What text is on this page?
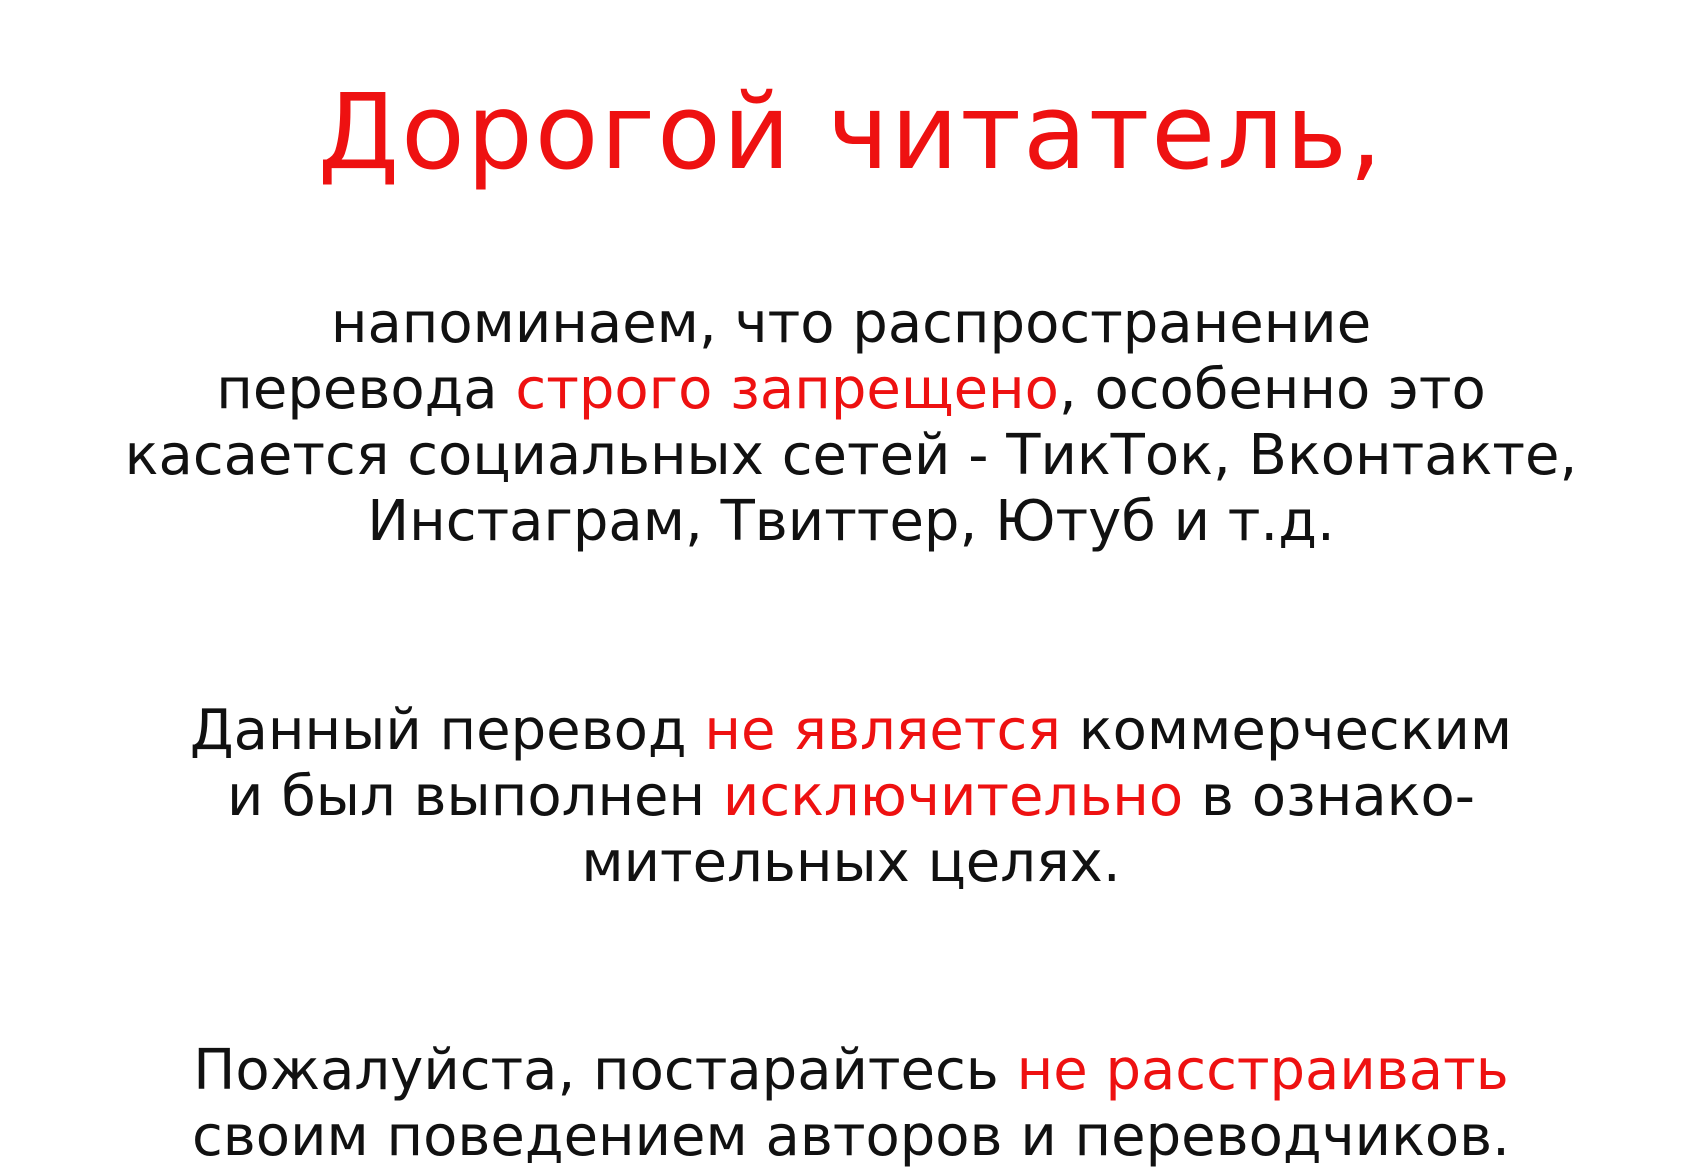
Дорогой читатель,

напоминаем, что распространение
перевода строго запрещено, особенно это
касается социальных сетей - ТикТок, Вконтакте,
Инстаграм, Твиттер, Ютуб и т.д.

Данный перевод не является коммерческим
и был выполнен исключительно в ознако-
мительных целях.

Пожалуйста, постарайтесь не расстраивать
своим поведением авторов и переводчиков.
